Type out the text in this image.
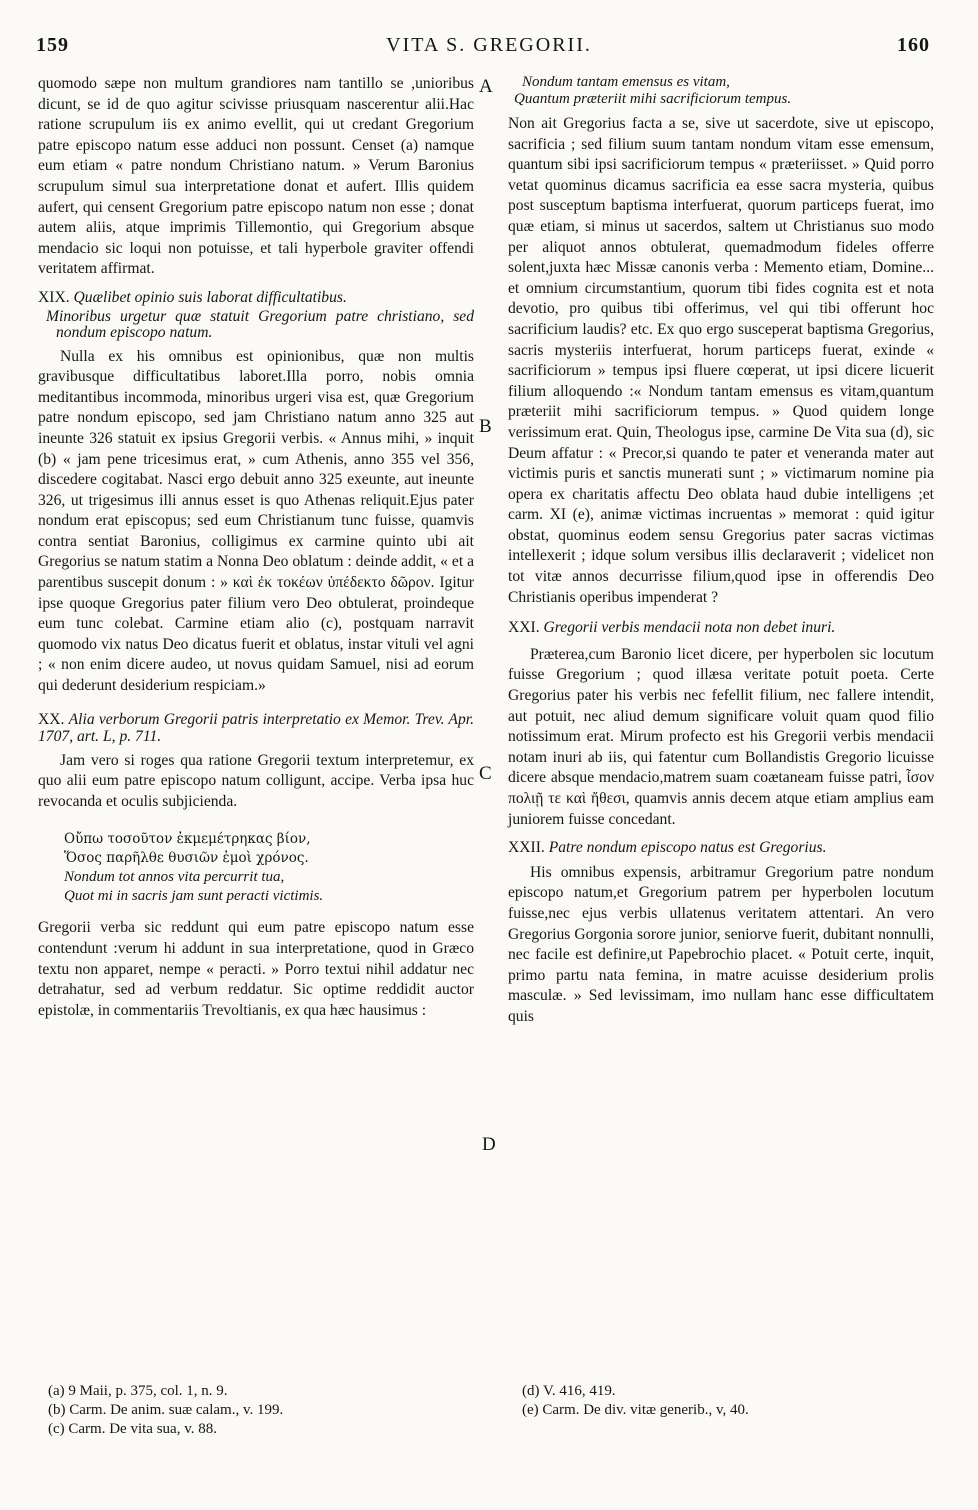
159	VITA S. GREGORII.	160
A
B
C
D

quomodo sæpe non multum grandiores nam tantillo se ,unioribus dicunt, se id de quo agitur scivisse priusquam nascerentur alii.Hac ratione scrupulum iis ex animo evellit, qui ut credant Gregorium patre episcopo natum esse adduci non possunt. Censet (a) namque eum etiam « patre nondum Christiano natum. » Verum Baronius scrupulum simul sua interpretatione donat et aufert. Illis quidem aufert, qui censent Gregorium patre episcopo natum non esse ; donat autem aliis, atque imprimis Tillemontio, qui Gregorium absque mendacio sic loqui non potuisse, et tali hyperbole graviter offendi veritatem affirmat.

XIX. Quælibet opinio suis laborat difficultatibus.

Minoribus urgetur quæ statuit Gregorium patre christiano, sed nondum episcopo natum.

Nulla ex his omnibus est opinionibus, quæ non multis gravibusque difficultatibus laboret.Illa porro, nobis omnia meditantibus incommoda, minoribus urgeri visa est, quæ Gregorium patre nondum episcopo, sed jam Christiano natum anno 325 aut ineunte 326 statuit ex ipsius Gregorii verbis. « Annus mihi, » inquit (b) « jam pene tricesimus erat, » cum Athenis, anno 355 vel 356, discedere cogitabat. Nasci ergo debuit anno 325 exeunte, aut ineunte 326, ut trigesimus illi annus esset is quo Athenas reliquit.Ejus pater nondum erat episcopus; sed eum Christianum tunc fuisse, quamvis contra sentiat Baronius, colligimus ex carmine quinto ubi ait Gregorius se natum statim a Nonna Deo oblatum : deinde addit, « et a parentibus suscepit donum : » καὶ ἐκ τοκέων ὑπέδεκτο δῶρον. Igitur ipse quoque Gregorius pater filium vero Deo obtulerat, proindeque eum tunc colebat. Carmine etiam alio (c), postquam narravit quomodo vix natus Deo dicatus fuerit et oblatus, instar vituli vel agni ; « non enim dicere audeo, ut novus quidam Samuel, nisi ad eorum qui dederunt desiderium respiciam.»

XX. Alia verborum Gregorii patris interpretatio ex Memor. Trev. Apr. 1707, art. L, p. 711.

Jam vero si roges qua ratione Gregorii textum interpretemur, ex quo alii eum patre episcopo natum colligunt, accipe. Verba ipsa huc revocanda et oculis subjicienda.

Οὔπω τοσοῦτον ἐκμεμέτρηκας βίον,
Ὅσος παρῆλθε θυσιῶν ἐμοὶ χρόνος.
Nondum tot annos vita percurrit tua,
Quot mi in sacris jam sunt peracti victimis.

Gregorii verba sic reddunt qui eum patre episcopo natum esse contendunt :verum hi addunt in sua interpretatione, quod in Græco textu non apparet, nempe « peracti. » Porro textui nihil addatur nec detrahatur, sed ad verbum reddatur. Sic optime reddidit auctor epistolæ, in commentariis Trevoltianis, ex qua hæc hausimus :

Nondum tantam emensus es vitam,
Quantum præteriit mihi sacrificiorum tempus.

Non ait Gregorius facta a se, sive ut sacerdote, sive ut episcopo, sacrificia ; sed filium suum tantam nondum vitam esse emensum, quantum sibi ipsi sacrificiorum tempus « præteriisset. » Quid porro vetat quominus dicamus sacrificia ea esse sacra mysteria, quibus post susceptum baptisma interfuerat, quorum particeps fuerat, imo quæ etiam, si minus ut sacerdos, saltem ut Christianus suo modo per aliquot annos obtulerat, quemadmodum fideles offerre solent,juxta hæc Missæ canonis verba : Memento etiam, Domine... et omnium circumstantium, quorum tibi fides cognita est et nota devotio, pro quibus tibi offerimus, vel qui tibi offerunt hoc sacrificium laudis? etc. Ex quo ergo susceperat baptisma Gregorius, sacris mysteriis interfuerat, horum particeps fuerat, exinde « sacrificiorum » tempus ipsi fluere cœperat, ut ipsi dicere licuerit filium alloquendo :« Nondum tantam emensus es vitam,quantum præteriit mihi sacrificiorum tempus. » Quod quidem longe verissimum erat. Quin, Theologus ipse, carmine De Vita sua (d), sic Deum affatur : « Precor,si quando te pater et veneranda mater aut victimis puris et sanctis munerati sunt ; » victimarum nomine pia opera ex charitatis affectu Deo oblata haud dubie intelligens ;et carm. XI (e), animæ victimas incruentas » memorat : quid igitur obstat, quominus eodem sensu Gregorius pater sacras victimas intellexerit ; idque solum versibus illis declaraverit ; videlicet non tot vitæ annos decurrisse filium,quod ipse in offerendis Deo Christianis operibus impenderat ?

XXI. Gregorii verbis mendacii nota non debet inuri.

Præterea,cum Baronio licet dicere, per hyperbolen sic locutum fuisse Gregorium ; quod illæsa veritate potuit poeta. Certe Gregorius pater his verbis nec fefellit filium, nec fallere intendit, aut potuit, nec aliud demum significare voluit quam quod filio notissimum erat. Mirum profecto est his Gregorii verbis mendacii notam inuri ab iis, qui fatentur cum Bollandistis Gregorio licuisse dicere absque mendacio,matrem suam coætaneam fuisse patri, ἶσον πολιῇ τε καὶ ἤθεσι, quamvis annis decem atque etiam amplius eam juniorem fuisse concedant.

XXII. Patre nondum episcopo natus est Gregorius.

His omnibus expensis, arbitramur Gregorium patre nondum episcopo natum,et Gregorium patrem per hyperbolen locutum fuisse,nec ejus verbis ullatenus veritatem attentari. An vero Gregorius Gorgonia sorore junior, seniorve fuerit, dubitant nonnulli, nec facile est definire,ut Papebrochio placet. « Potuit certe, inquit, primo partu nata femina, in matre acuisse desiderium prolis masculæ. » Sed levissimam, imo nullam hanc esse difficultatem quis

(a) 9 Maii, p. 375, col. 1, n. 9.
(b) Carm. De anim. suæ calam., v. 199.
(c) Carm. De vita sua, v. 88.
(d) V. 416, 419.
(e) Carm. De div. vitæ generib., v, 40.
